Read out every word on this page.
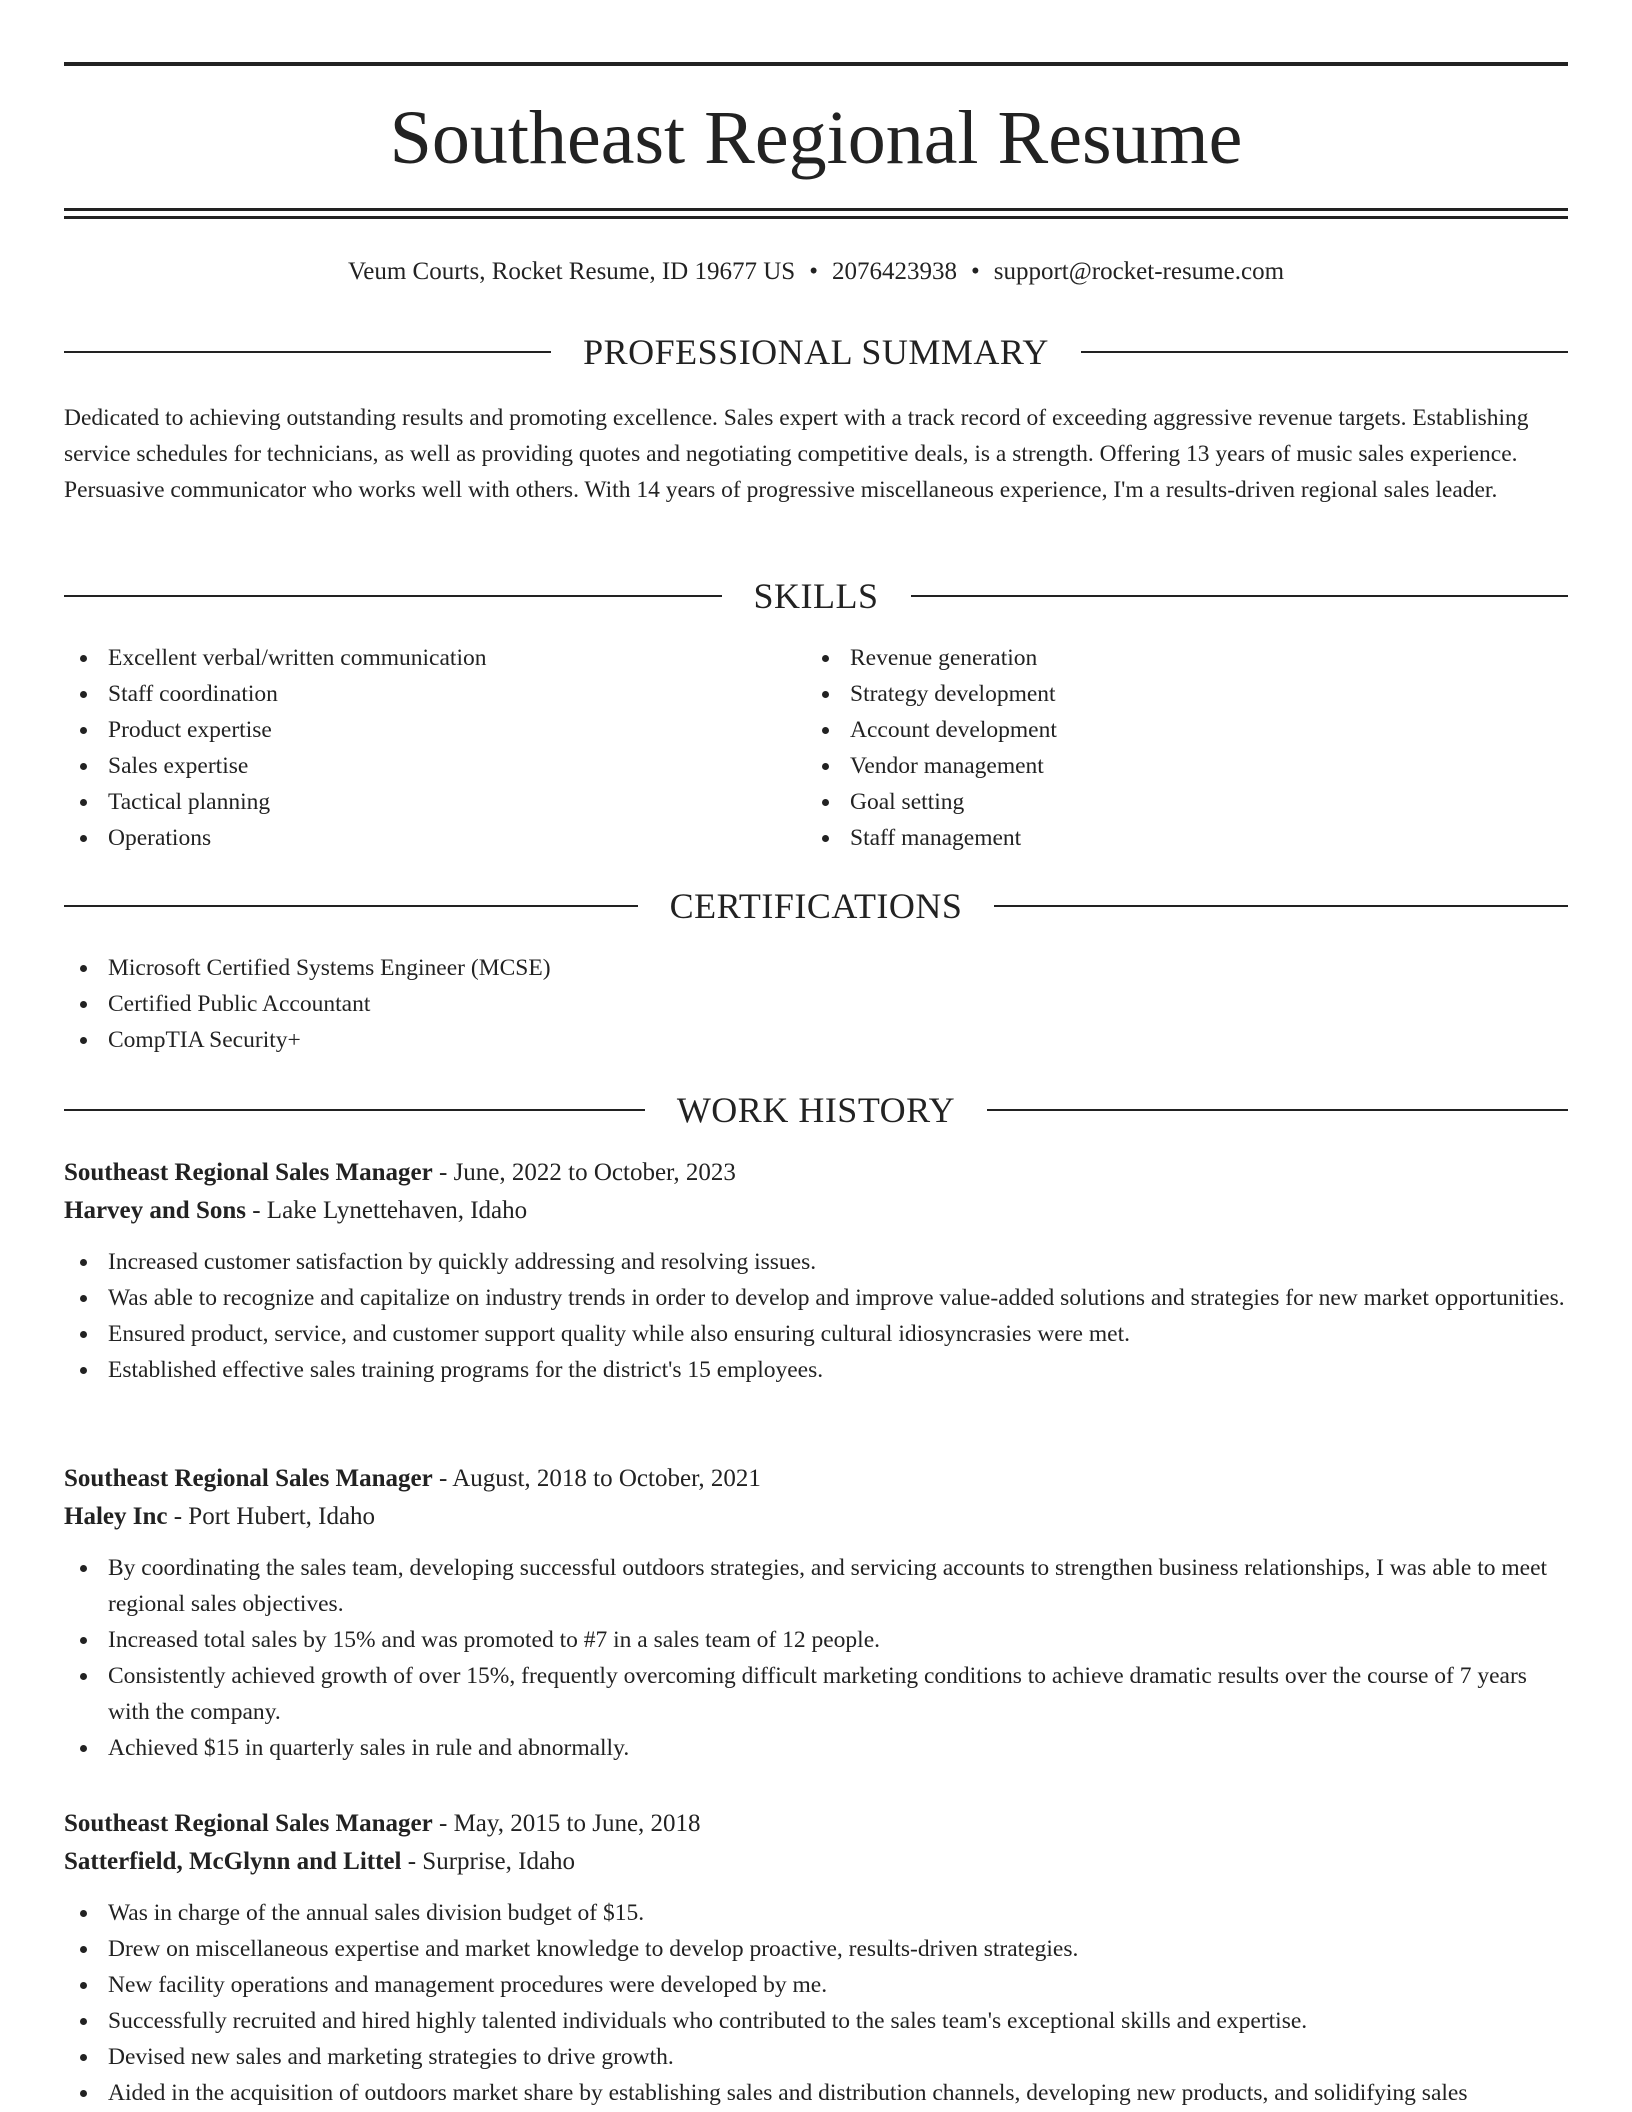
Southeast Regional Resume
Veum Courts, Rocket Resume, ID 19677 US • 2076423938 • support@rocket-resume.com
PROFESSIONAL SUMMARY

Dedicated to achieving outstanding results and promoting excellence. Sales expert with a track record of exceeding aggressive revenue targets. Establishing service schedules for technicians, as well as providing quotes and negotiating competitive deals, is a strength. Offering 13 years of music sales experience. Persuasive communicator who works well with others. With 14 years of progressive miscellaneous experience, I'm a results-driven regional sales leader.

SKILLS
Excellent verbal/written communication
Staff coordination
Product expertise
Sales expertise
Tactical planning
Operations
Revenue generation
Strategy development
Account development
Vendor management
Goal setting
Staff management
CERTIFICATIONS
Microsoft Certified Systems Engineer (MCSE)
Certified Public Accountant
CompTIA Security+
WORK HISTORY
Southeast Regional Sales Manager - June, 2022 to October, 2023
Harvey and Sons - Lake Lynettehaven, Idaho
Increased customer satisfaction by quickly addressing and resolving issues.
Was able to recognize and capitalize on industry trends in order to develop and improve value-added solutions and strategies for new market opportunities.
Ensured product, service, and customer support quality while also ensuring cultural idiosyncrasies were met.
Established effective sales training programs for the district's 15 employees.
Southeast Regional Sales Manager - August, 2018 to October, 2021
Haley Inc - Port Hubert, Idaho
By coordinating the sales team, developing successful outdoors strategies, and servicing accounts to strengthen business relationships, I was able to meet regional sales objectives.
Increased total sales by 15% and was promoted to #7 in a sales team of 12 people.
Consistently achieved growth of over 15%, frequently overcoming difficult marketing conditions to achieve dramatic results over the course of 7 years with the company.
Achieved $15 in quarterly sales in rule and abnormally.
Southeast Regional Sales Manager - May, 2015 to June, 2018
Satterfield, McGlynn and Littel - Surprise, Idaho
Was in charge of the annual sales division budget of $15.
Drew on miscellaneous expertise and market knowledge to develop proactive, results-driven strategies.
New facility operations and management procedures were developed by me.
Successfully recruited and hired highly talented individuals who contributed to the sales team's exceptional skills and expertise.
Devised new sales and marketing strategies to drive growth.
Aided in the acquisition of outdoors market share by establishing sales and distribution channels, developing new products, and solidifying sales
